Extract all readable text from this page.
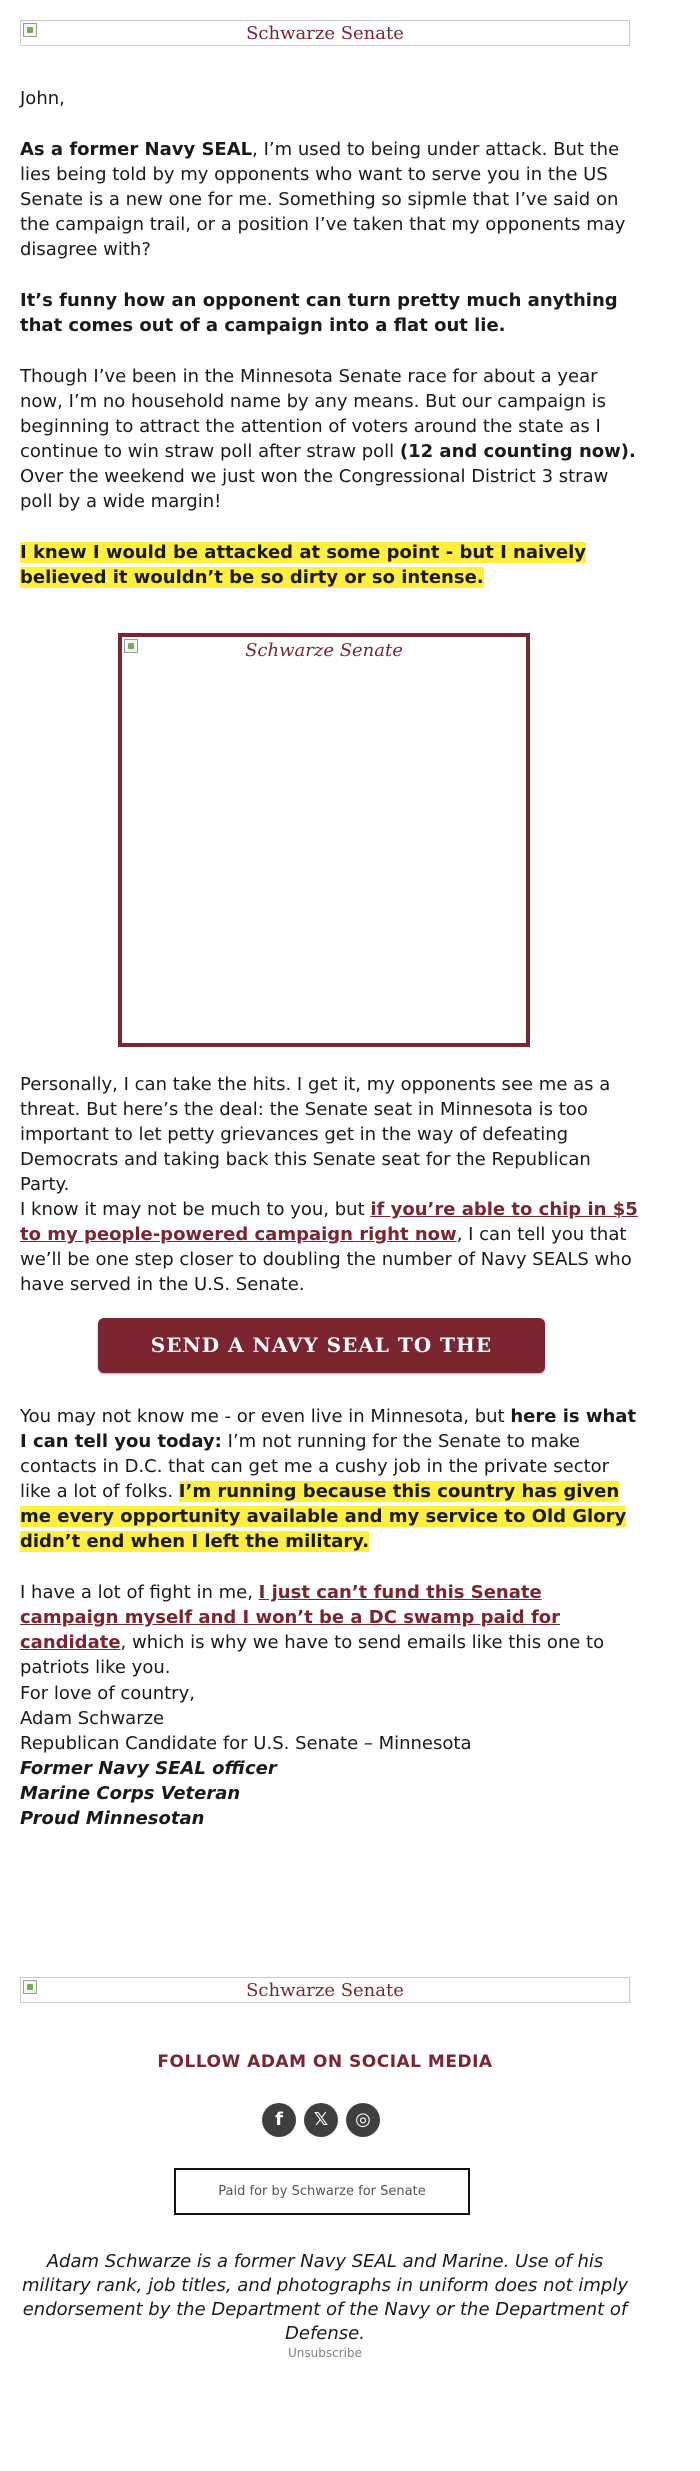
Schwarze Senate

John,

As a former Navy SEAL, I’m used to being under attack. But the lies being told by my opponents who want to serve you in the US Senate is a new one for me. Something so sipmle that I’ve said on the campaign trail, or a position I’ve taken that my opponents may disagree with?

It’s funny how an opponent can turn pretty much anything that comes out of a campaign into a flat out lie.

Though I’ve been in the Minnesota Senate race for about a year now, I’m no household name by any means. But our campaign is beginning to attract the attention of voters around the state as I continue to win straw poll after straw poll (12 and counting now). Over the weekend we just won the Congressional District 3 straw poll by a wide margin!

I knew I would be attacked at some point - but I naively believed it wouldn’t be so dirty or so intense.

Schwarze Senate

Personally, I can take the hits. I get it, my opponents see me as a threat. But here’s the deal: the Senate seat in Minnesota is too important to let petty grievances get in the way of defeating Democrats and taking back this Senate seat for the Republican Party.

I know it may not be much to you, but if you’re able to chip in $5 to my people-powered campaign right now, I can tell you that we’ll be one step closer to doubling the number of Navy SEALS who have served in the U.S. Senate.

SEND A NAVY SEAL TO THE SENATE

You may not know me - or even live in Minnesota, but here is what I can tell you today: I’m not running for the Senate to make contacts in D.C. that can get me a cushy job in the private sector like a lot of folks. I’m running because this country has given me every opportunity available and my service to Old Glory didn’t end when I left the military.

I have a lot of fight in me, I just can’t fund this Senate campaign myself and I won’t be a DC swamp paid for candidate, which is why we have to send emails like this one to patriots like you.

For love of country,
Adam Schwarze
Republican Candidate for U.S. Senate – Minnesota
Former Navy SEAL officer
Marine Corps Veteran
Proud Minnesotan
Schwarze Senate
FOLLOW ADAM ON SOCIAL MEDIA
f	𝕏	◎
Paid for by Schwarze for Senate
Adam Schwarze is a former Navy SEAL and Marine. Use of his military rank, job titles, and photographs in uniform does not imply endorsement by the Department of the Navy or the Department of Defense.
Unsubscribe
